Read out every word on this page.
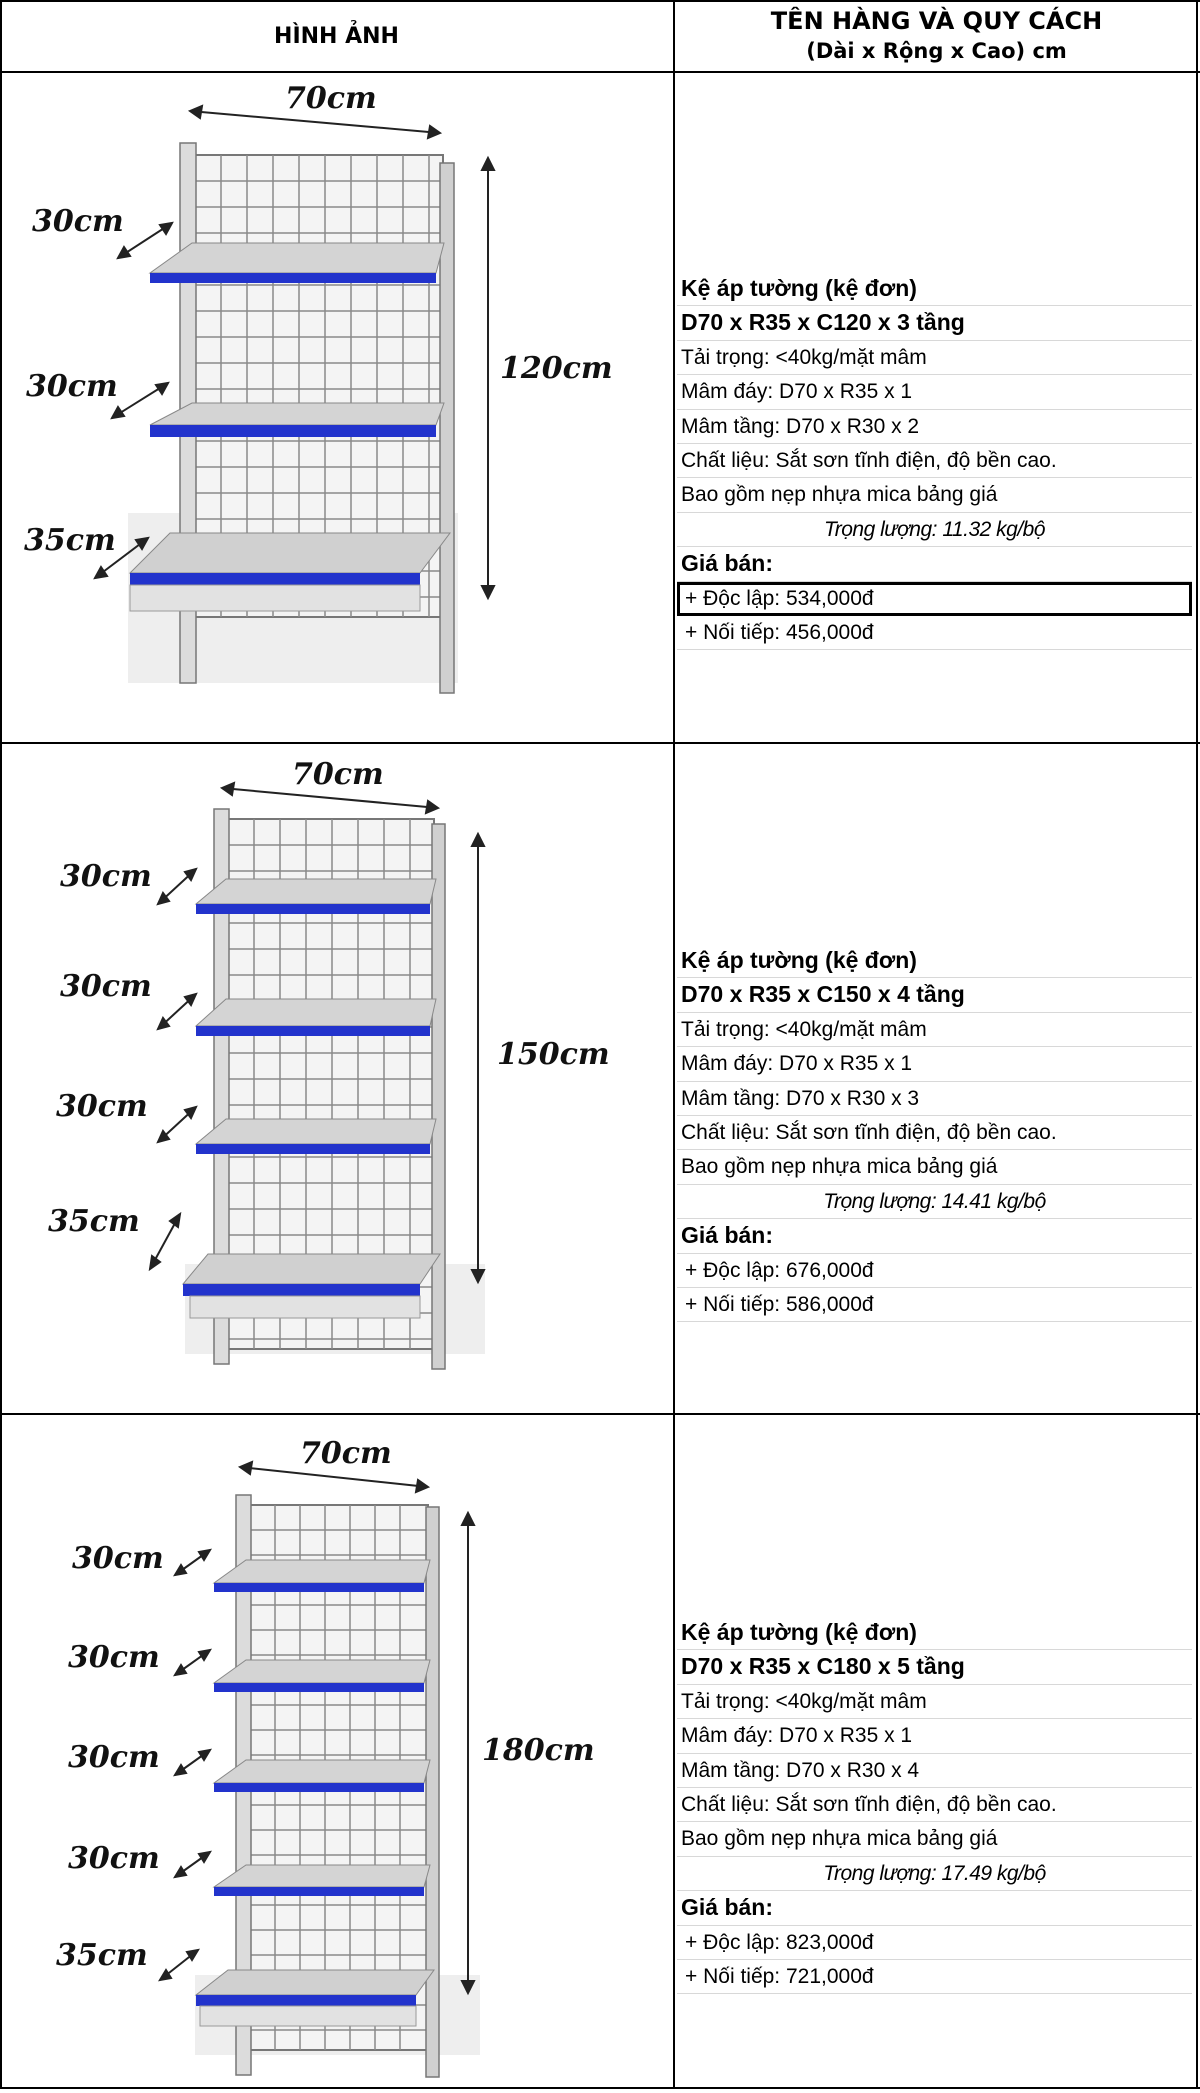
HÌNH ẢNH
TÊN HÀNG VÀ QUY CÁCH
(Dài x Rộng x Cao) cm
70cm
120cm
30cm
30cm
35cm
Kệ áp tường (kệ đơn)
D70 x R35 x C120 x 3 tầng
Tải trọng: <40kg/mặt mâm
Mâm đáy: D70 x R35 x 1
Mâm tầng: D70 x R30 x 2
Chất liệu: Sắt sơn tĩnh điện, độ bền cao.
Bao gồm nẹp nhựa mica bảng giá
Trọng lượng: 11.32 kg/bộ
Giá bán:
+ Độc lập: 534,000đ
+ Nối tiếp: 456,000đ
70cm
150cm
30cm
30cm
30cm
35cm
Kệ áp tường (kệ đơn)
D70 x R35 x C150 x 4 tầng
Tải trọng: <40kg/mặt mâm
Mâm đáy: D70 x R35 x 1
Mâm tầng: D70 x R30 x 3
Chất liệu: Sắt sơn tĩnh điện, độ bền cao.
Bao gồm nẹp nhựa mica bảng giá
Trọng lượng: 14.41 kg/bộ
Giá bán:
+ Độc lập: 676,000đ
+ Nối tiếp: 586,000đ
70cm
180cm
30cm
30cm
30cm
30cm
35cm
Kệ áp tường (kệ đơn)
D70 x R35 x C180 x 5 tầng
Tải trọng: <40kg/mặt mâm
Mâm đáy: D70 x R35 x 1
Mâm tầng: D70 x R30 x 4
Chất liệu: Sắt sơn tĩnh điện, độ bền cao.
Bao gồm nẹp nhựa mica bảng giá
Trọng lượng: 17.49 kg/bộ
Giá bán:
+ Độc lập: 823,000đ
+ Nối tiếp: 721,000đ
